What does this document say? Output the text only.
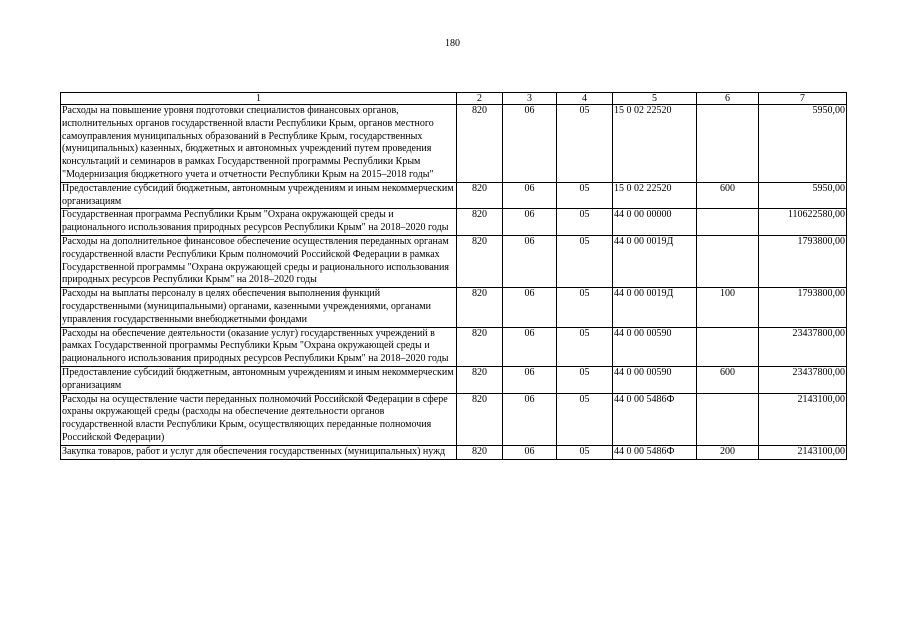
180
1	2	3	4	5	6	7
Расходы на повышение уровня подготовки специалистов финансовых органов, исполнительных органов государственной власти Республики Крым, органов местного самоуправления муниципальных образований в Республике Крым, государственных (муниципальных) казенных, бюджетных и автономных учреждений путем проведения консультаций и семинаров в рамках Государственной программы Республики Крым "Модернизация бюджетного учета и отчетности Республики Крым на 2015–2018 годы"	820	06	05	15 0 02 22520		5950,00
Предоставление субсидий бюджетным, автономным учреждениям и иным некоммерческим организациям	820	06	05	15 0 02 22520	600	5950,00
Государственная программа Республики Крым "Охрана окружающей среды и рационального использования природных ресурсов Республики Крым" на 2018–2020 годы	820	06	05	44 0 00 00000		110622580,00
Расходы на дополнительное финансовое обеспечение осуществления переданных органам государственной власти Республики Крым полномочий Российской Федерации в рамках Государственной программы "Охрана окружающей среды и рационального использования природных ресурсов Республики Крым" на 2018–2020 годы	820	06	05	44 0 00 0019Д		1793800,00
Расходы на выплаты персоналу в целях обеспечения выполнения функций государственными (муниципальными) органами, казенными учреждениями, органами управления государственными внебюджетными фондами	820	06	05	44 0 00 0019Д	100	1793800,00
Расходы на обеспечение деятельности (оказание услуг) государственных учреждений в рамках Государственной программы Республики Крым "Охрана окружающей среды и рационального использования природных ресурсов Республики Крым" на 2018–2020 годы	820	06	05	44 0 00 00590		23437800,00
Предоставление субсидий бюджетным, автономным учреждениям и иным некоммерческим организациям	820	06	05	44 0 00 00590	600	23437800,00
Расходы на осуществление части переданных полномочий Российской Федерации в сфере охраны окружающей среды (расходы на обеспечение деятельности органов государственной власти Республики Крым, осуществляющих переданные полномочия Российской Федерации)	820	06	05	44 0 00 5486Ф		2143100,00
Закупка товаров, работ и услуг для обеспечения государственных (муниципальных) нужд	820	06	05	44 0 00 5486Ф	200	2143100,00
